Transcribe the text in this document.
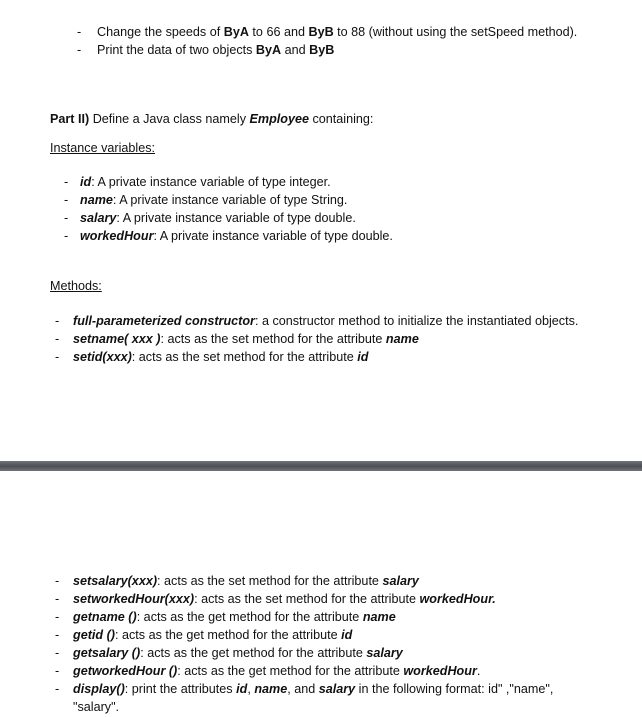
- Change the speeds of ByA to 66 and ByB to 88 (without using the setSpeed method).
- Print the data of two objects ByA and ByB
Part II) Define a Java class namely Employee containing:
Instance variables:
- id: A private instance variable of type integer.
- name: A private instance variable of type String.
- salary: A private instance variable of type double.
- workedHour: A private instance variable of type double.
Methods:
- full-parameterized constructor: a constructor method to initialize the instantiated objects.
- setname( xxx ): acts as the set method for the attribute name
- setid(xxx): acts as the set method for the attribute id
- setsalary(xxx): acts as the set method for the attribute salary
- setworkedHour(xxx): acts as the set method for the attribute workedHour.
- getname (): acts as the get method for the attribute name
- getid (): acts as the get method for the attribute id
- getsalary (): acts as the get method for the attribute salary
- getworkedHour (): acts as the get method for the attribute workedHour.
- display(): print the attributes id, name, and salary in the following format: id" ,"name",
"salary".
